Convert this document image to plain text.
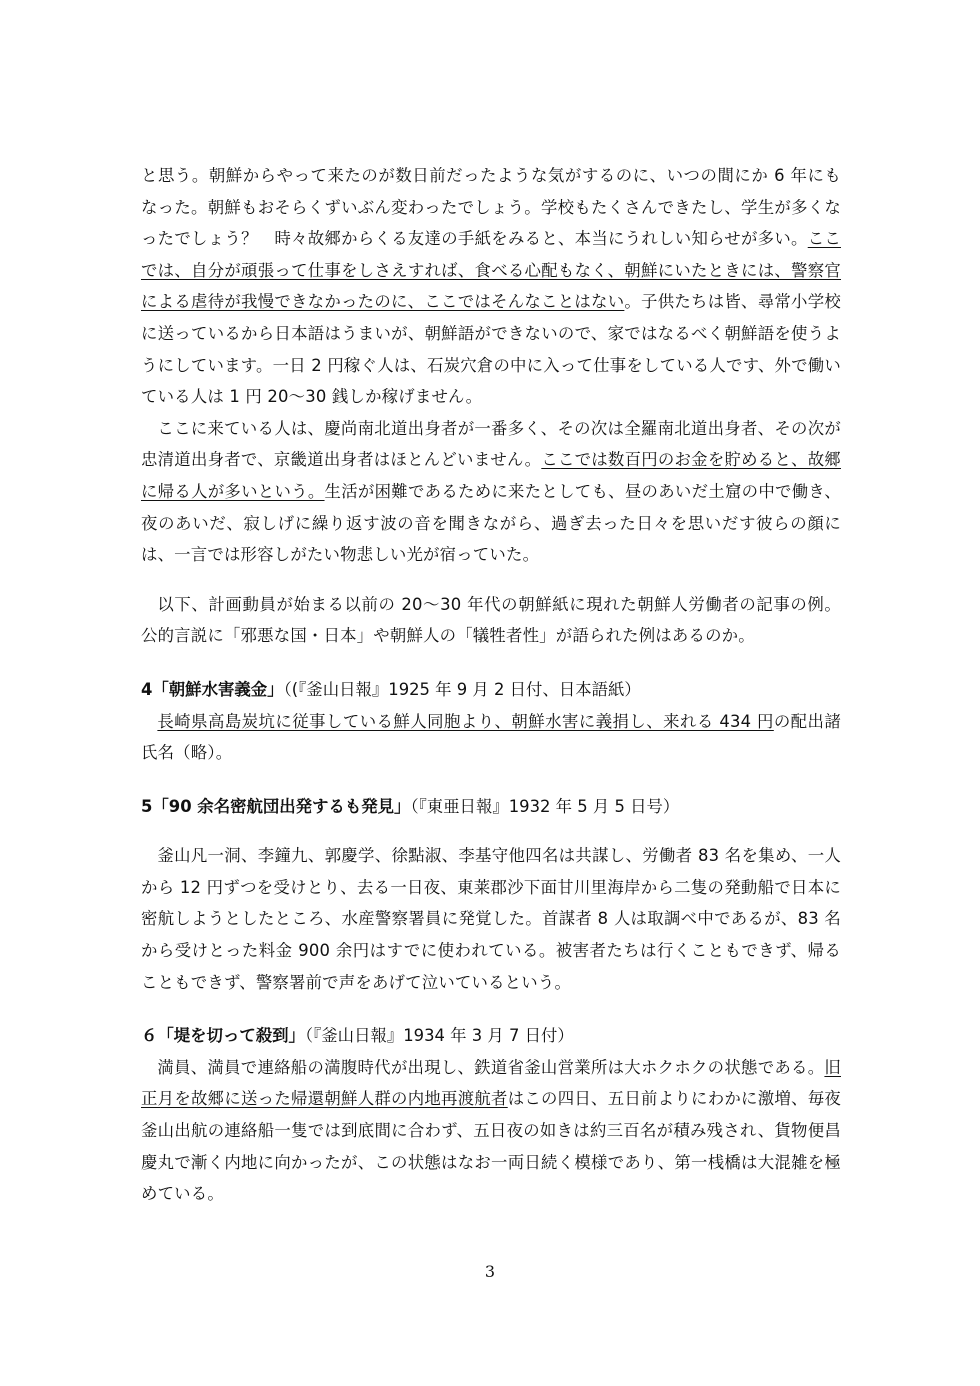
と思う。朝鮮からやって来たのが数日前だったような気がするのに、いつの間にか 6 年にもなった。朝鮮もおそらくずいぶん変わったでしょう。学校もたくさんできたし、学生が多くなったでしょう？　時々故郷からくる友達の手紙をみると、本当にうれしい知らせが多い。ここでは、自分が頑張って仕事をしさえすれば、食べる心配もなく、朝鮮にいたときには、警察官による虐待が我慢できなかったのに、ここではそんなことはない。子供たちは皆、尋常小学校に送っているから日本語はうまいが、朝鮮語ができないので、家ではなるべく朝鮮語を使うようにしています。一日 2 円稼ぐ人は、石炭穴倉の中に入って仕事をしている人です、外で働いている人は 1 円 20～30 銭しか稼げません。

ここに来ている人は、慶尚南北道出身者が一番多く、その次は全羅南北道出身者、その次が忠清道出身者で、京畿道出身者はほとんどいません。ここでは数百円のお金を貯めると、故郷に帰る人が多いという。生活が困難であるために来たとしても、昼のあいだ土窟の中で働き、夜のあいだ、寂しげに繰り返す波の音を聞きながら、過ぎ去った日々を思いだす彼らの顔には、一言では形容しがたい物悲しい光が宿っていた。

以下、計画動員が始まる以前の 20～30 年代の朝鮮紙に現れた朝鮮人労働者の記事の例。公的言説に「邪悪な国・日本」や朝鮮人の「犠牲者性」が語られた例はあるのか。

4「朝鮮水害義金」（(『釜山日報』1925 年 9 月 2 日付、日本語紙）

長崎県高島炭坑に従事している鮮人同胞より、朝鮮水害に義捐し、来れる 434 円の配出諸氏名（略）。

5「90 余名密航団出発するも発見」（『東亜日報』1932 年 5 月 5 日号）

釜山凡一洞、李鐘九、郭慶学、徐點淑、李基守他四名は共謀し、労働者 83 名を集め、一人から 12 円ずつを受けとり、去る一日夜、東莱郡沙下面甘川里海岸から二隻の発動船で日本に密航しようとしたところ、水産警察署員に発覚した。首謀者 8 人は取調べ中であるが、83 名から受けとった料金 900 余円はすでに使われている。被害者たちは行くこともできず、帰ることもできず、警察署前で声をあげて泣いているという。

６「堤を切って殺到」（『釜山日報』1934 年 3 月 7 日付）

満員、満員で連絡船の満腹時代が出現し、鉄道省釜山営業所は大ホクホクの状態である。旧正月を故郷に送った帰還朝鮮人群の内地再渡航者はこの四日、五日前よりにわかに激増、毎夜釜山出航の連絡船一隻では到底間に合わず、五日夜の如きは約三百名が積み残され、貨物便昌慶丸で漸く内地に向かったが、この状態はなお一両日続く模様であり、第一桟橋は大混雑を極めている。

3
